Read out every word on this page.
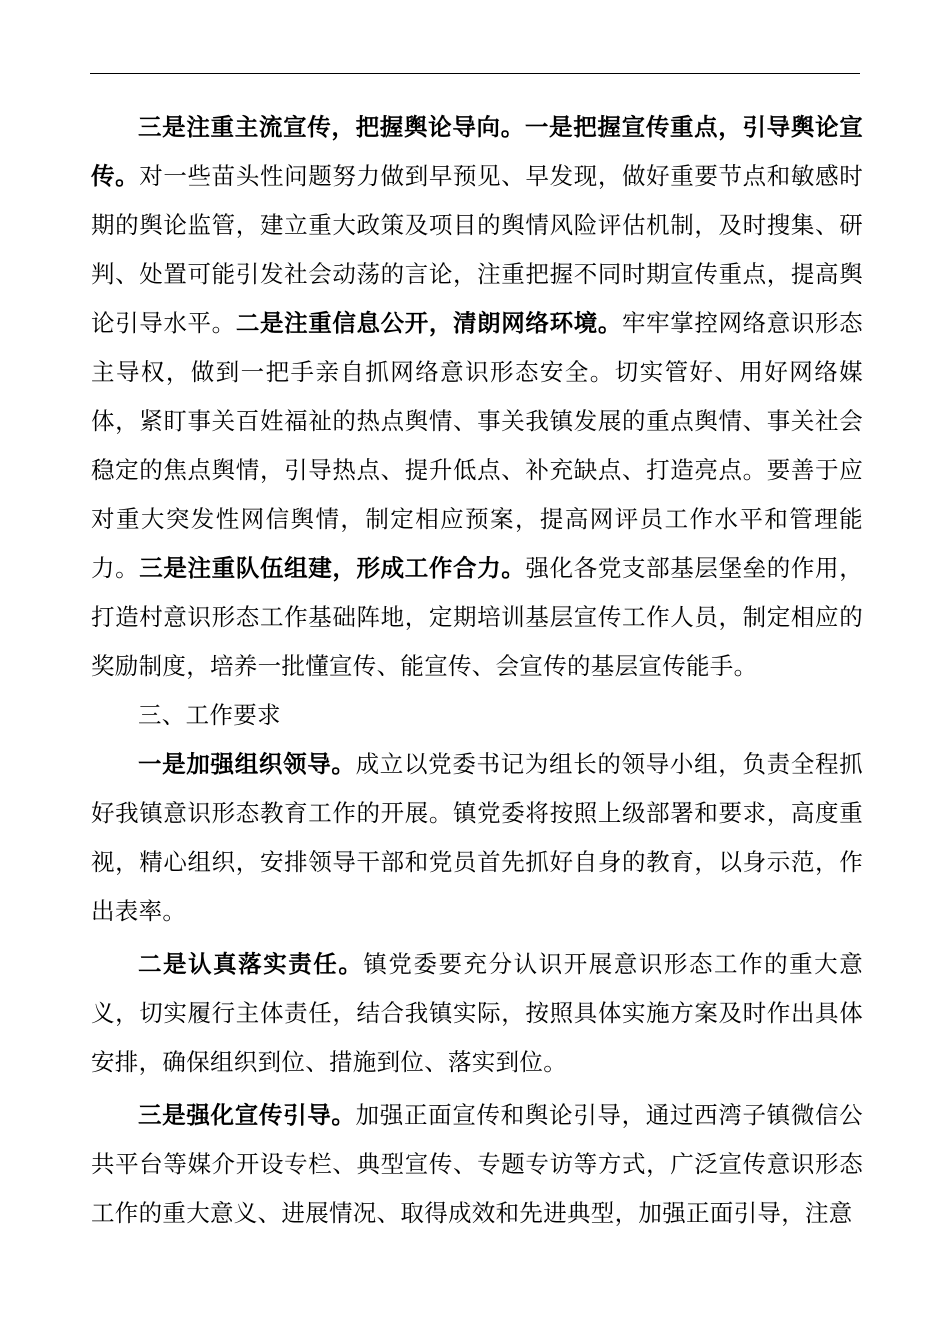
三是注重主流宣传，把握舆论导向。一是把握宣传重点，引导舆论宣传。对一些苗头性问题努力做到早预见、早发现，做好重要节点和敏感时期的舆论监管，建立重大政策及项目的舆情风险评估机制，及时搜集、研判、处置可能引发社会动荡的言论，注重把握不同时期宣传重点，提高舆论引导水平。二是注重信息公开，清朗网络环境。牢牢掌控网络意识形态主导权，做到一把手亲自抓网络意识形态安全。切实管好、用好网络媒体，紧盯事关百姓福祉的热点舆情、事关我镇发展的重点舆情、事关社会稳定的焦点舆情，引导热点、提升低点、补充缺点、打造亮点。要善于应对重大突发性网信舆情，制定相应预案，提高网评员工作水平和管理能力。三是注重队伍组建，形成工作合力。强化各党支部基层堡垒的作用，打造村意识形态工作基础阵地，定期培训基层宣传工作人员，制定相应的奖励制度，培养一批懂宣传、能宣传、会宣传的基层宣传能手。

三、工作要求

一是加强组织领导。成立以党委书记为组长的领导小组，负责全程抓好我镇意识形态教育工作的开展。镇党委将按照上级部署和要求，高度重视，精心组织，安排领导干部和党员首先抓好自身的教育，以身示范，作出表率。

二是认真落实责任。镇党委要充分认识开展意识形态工作的重大意义，切实履行主体责任，结合我镇实际，按照具体实施方案及时作出具体安排，确保组织到位、措施到位、落实到位。

三是强化宣传引导。加强正面宣传和舆论引导，通过西湾子镇微信公共平台等媒介开设专栏、典型宣传、专题专访等方式，广泛宣传意识形态工作的重大意义、进展情况、取得成效和先进典型，加强正面引导，注意
